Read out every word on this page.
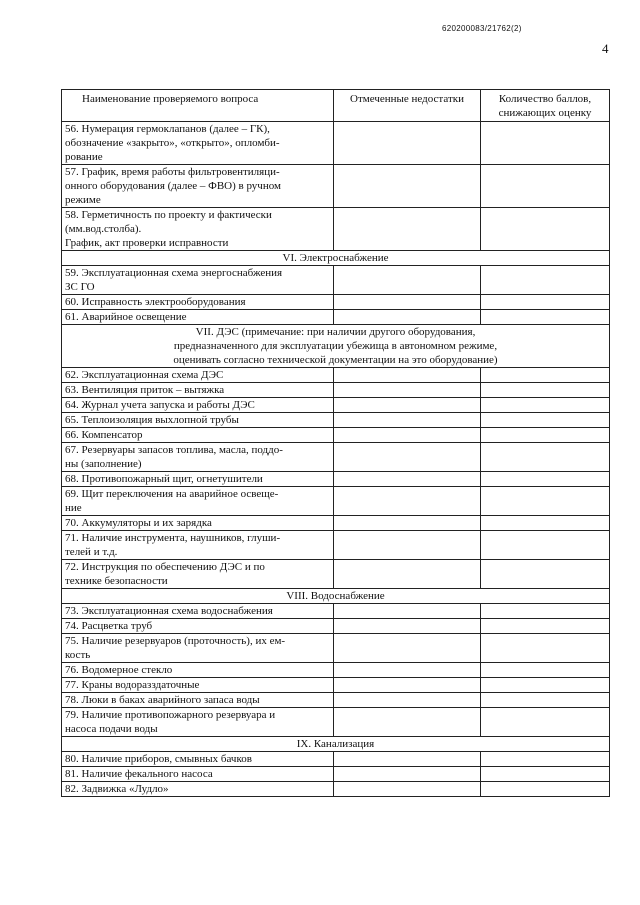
620200083/21762(2)
4
Наименование проверяемого вопроса	Отмеченные недостатки	Количество баллов, снижающих оценку

56. Нумерация гермоклапанов (далее – ГК),
обозначение «закрыто», «открыто», опломби-
рование		

57. График, время работы фильтровентиляци-
онного оборудования (далее – ФВО) в ручном
режиме		

58. Герметичность по проекту и фактически
(мм.вод.столба).
График, акт проверки исправности		

VI. Электроснабжение		

59. Эксплуатационная схема энергоснабжения
ЗС ГО		

60. Исправность электрооборудования		

61. Аварийное освещение		

VII. ДЭС (примечание: при наличии другого оборудования,
предназначенного для эксплуатации убежища в автономном режиме,
оценивать согласно технической документации на это оборудование)		

62. Эксплуатационная схема ДЭС		

63. Вентиляция приток – вытяжка		

64. Журнал учета запуска и работы ДЭС		

65. Теплоизоляция выхлопной трубы		

66. Компенсатор		

67. Резервуары запасов топлива, масла, поддо-
ны (заполнение)		

68. Противопожарный щит, огнетушители		

69. Щит переключения на аварийное освеще-
ние		

70. Аккумуляторы и их зарядка		

71. Наличие инструмента, наушников, глуши-
телей и т.д.		

72. Инструкция по обеспечению ДЭС и по
технике безопасности		

VIII. Водоснабжение		

73. Эксплуатационная схема водоснабжения		

74. Расцветка труб		

75. Наличие резервуаров (проточность), их ем-
кость		

76. Водомерное стекло		

77. Краны водоразздаточные		

78. Люки в баках аварийного запаса воды		

79. Наличие противопожарного резервуара и
насоса подачи воды		

IX. Канализация		

80. Наличие приборов, смывных бачков		

81. Наличие фекального насоса		

82. Задвижка «Лудло»		
